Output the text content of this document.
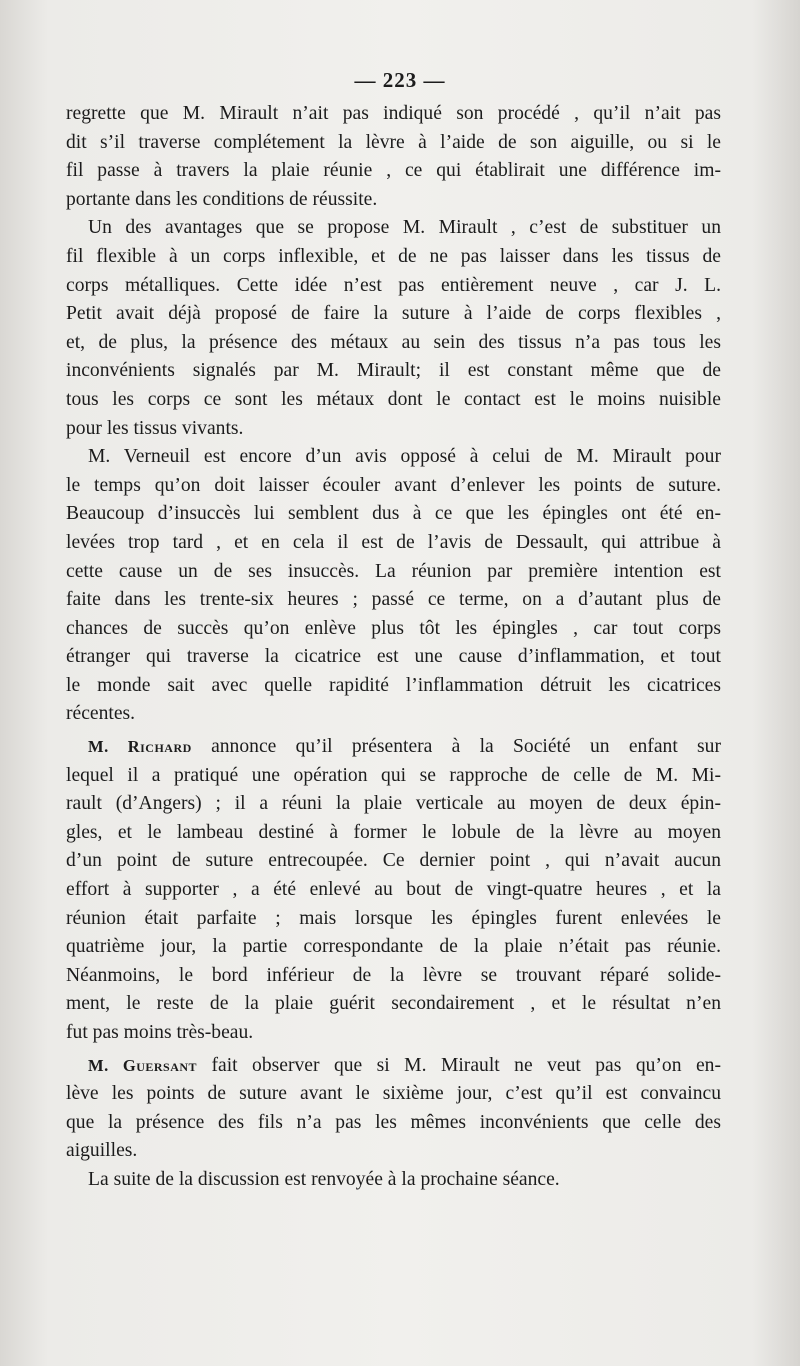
— 223 —
regrette que M. Mirault n’ait pas indiqué son procédé , qu’il n’ait pas
dit s’il traverse complétement la lèvre à l’aide de son aiguille, ou si le
fil passe à travers la plaie réunie , ce qui établirait une différence im-
portante dans les conditions de réussite.
Un des avantages que se propose M. Mirault , c’est de substituer un
fil flexible à un corps inflexible, et de ne pas laisser dans les tissus de
corps métalliques. Cette idée n’est pas entièrement neuve , car J. L.
Petit avait déjà proposé de faire la suture à l’aide de corps flexibles ,
et, de plus, la présence des métaux au sein des tissus n’a pas tous les
inconvénients signalés par M. Mirault; il est constant même que de
tous les corps ce sont les métaux dont le contact est le moins nuisible
pour les tissus vivants.
M. Verneuil est encore d’un avis opposé à celui de M. Mirault pour
le temps qu’on doit laisser écouler avant d’enlever les points de suture.
Beaucoup d’insuccès lui semblent dus à ce que les épingles ont été en-
levées trop tard , et en cela il est de l’avis de Dessault, qui attribue à
cette cause un de ses insuccès. La réunion par première intention est
faite dans les trente-six heures ; passé ce terme, on a d’autant plus de
chances de succès qu’on enlève plus tôt les épingles , car tout corps
étranger qui traverse la cicatrice est une cause d’inflammation, et tout
le monde sait avec quelle rapidité l’inflammation détruit les cicatrices
récentes.
M. Richard annonce qu’il présentera à la Société un enfant sur
lequel il a pratiqué une opération qui se rapproche de celle de M. Mi-
rault (d’Angers) ; il a réuni la plaie verticale au moyen de deux épin-
gles, et le lambeau destiné à former le lobule de la lèvre au moyen
d’un point de suture entrecoupée. Ce dernier point , qui n’avait aucun
effort à supporter , a été enlevé au bout de vingt-quatre heures , et la
réunion était parfaite ; mais lorsque les épingles furent enlevées le
quatrième jour, la partie correspondante de la plaie n’était pas réunie.
Néanmoins, le bord inférieur de la lèvre se trouvant réparé solide-
ment, le reste de la plaie guérit secondairement , et le résultat n’en
fut pas moins très-beau.
M. Guersant fait observer que si M. Mirault ne veut pas qu’on en-
lève les points de suture avant le sixième jour, c’est qu’il est convaincu
que la présence des fils n’a pas les mêmes inconvénients que celle des
aiguilles.
La suite de la discussion est renvoyée à la prochaine séance.
